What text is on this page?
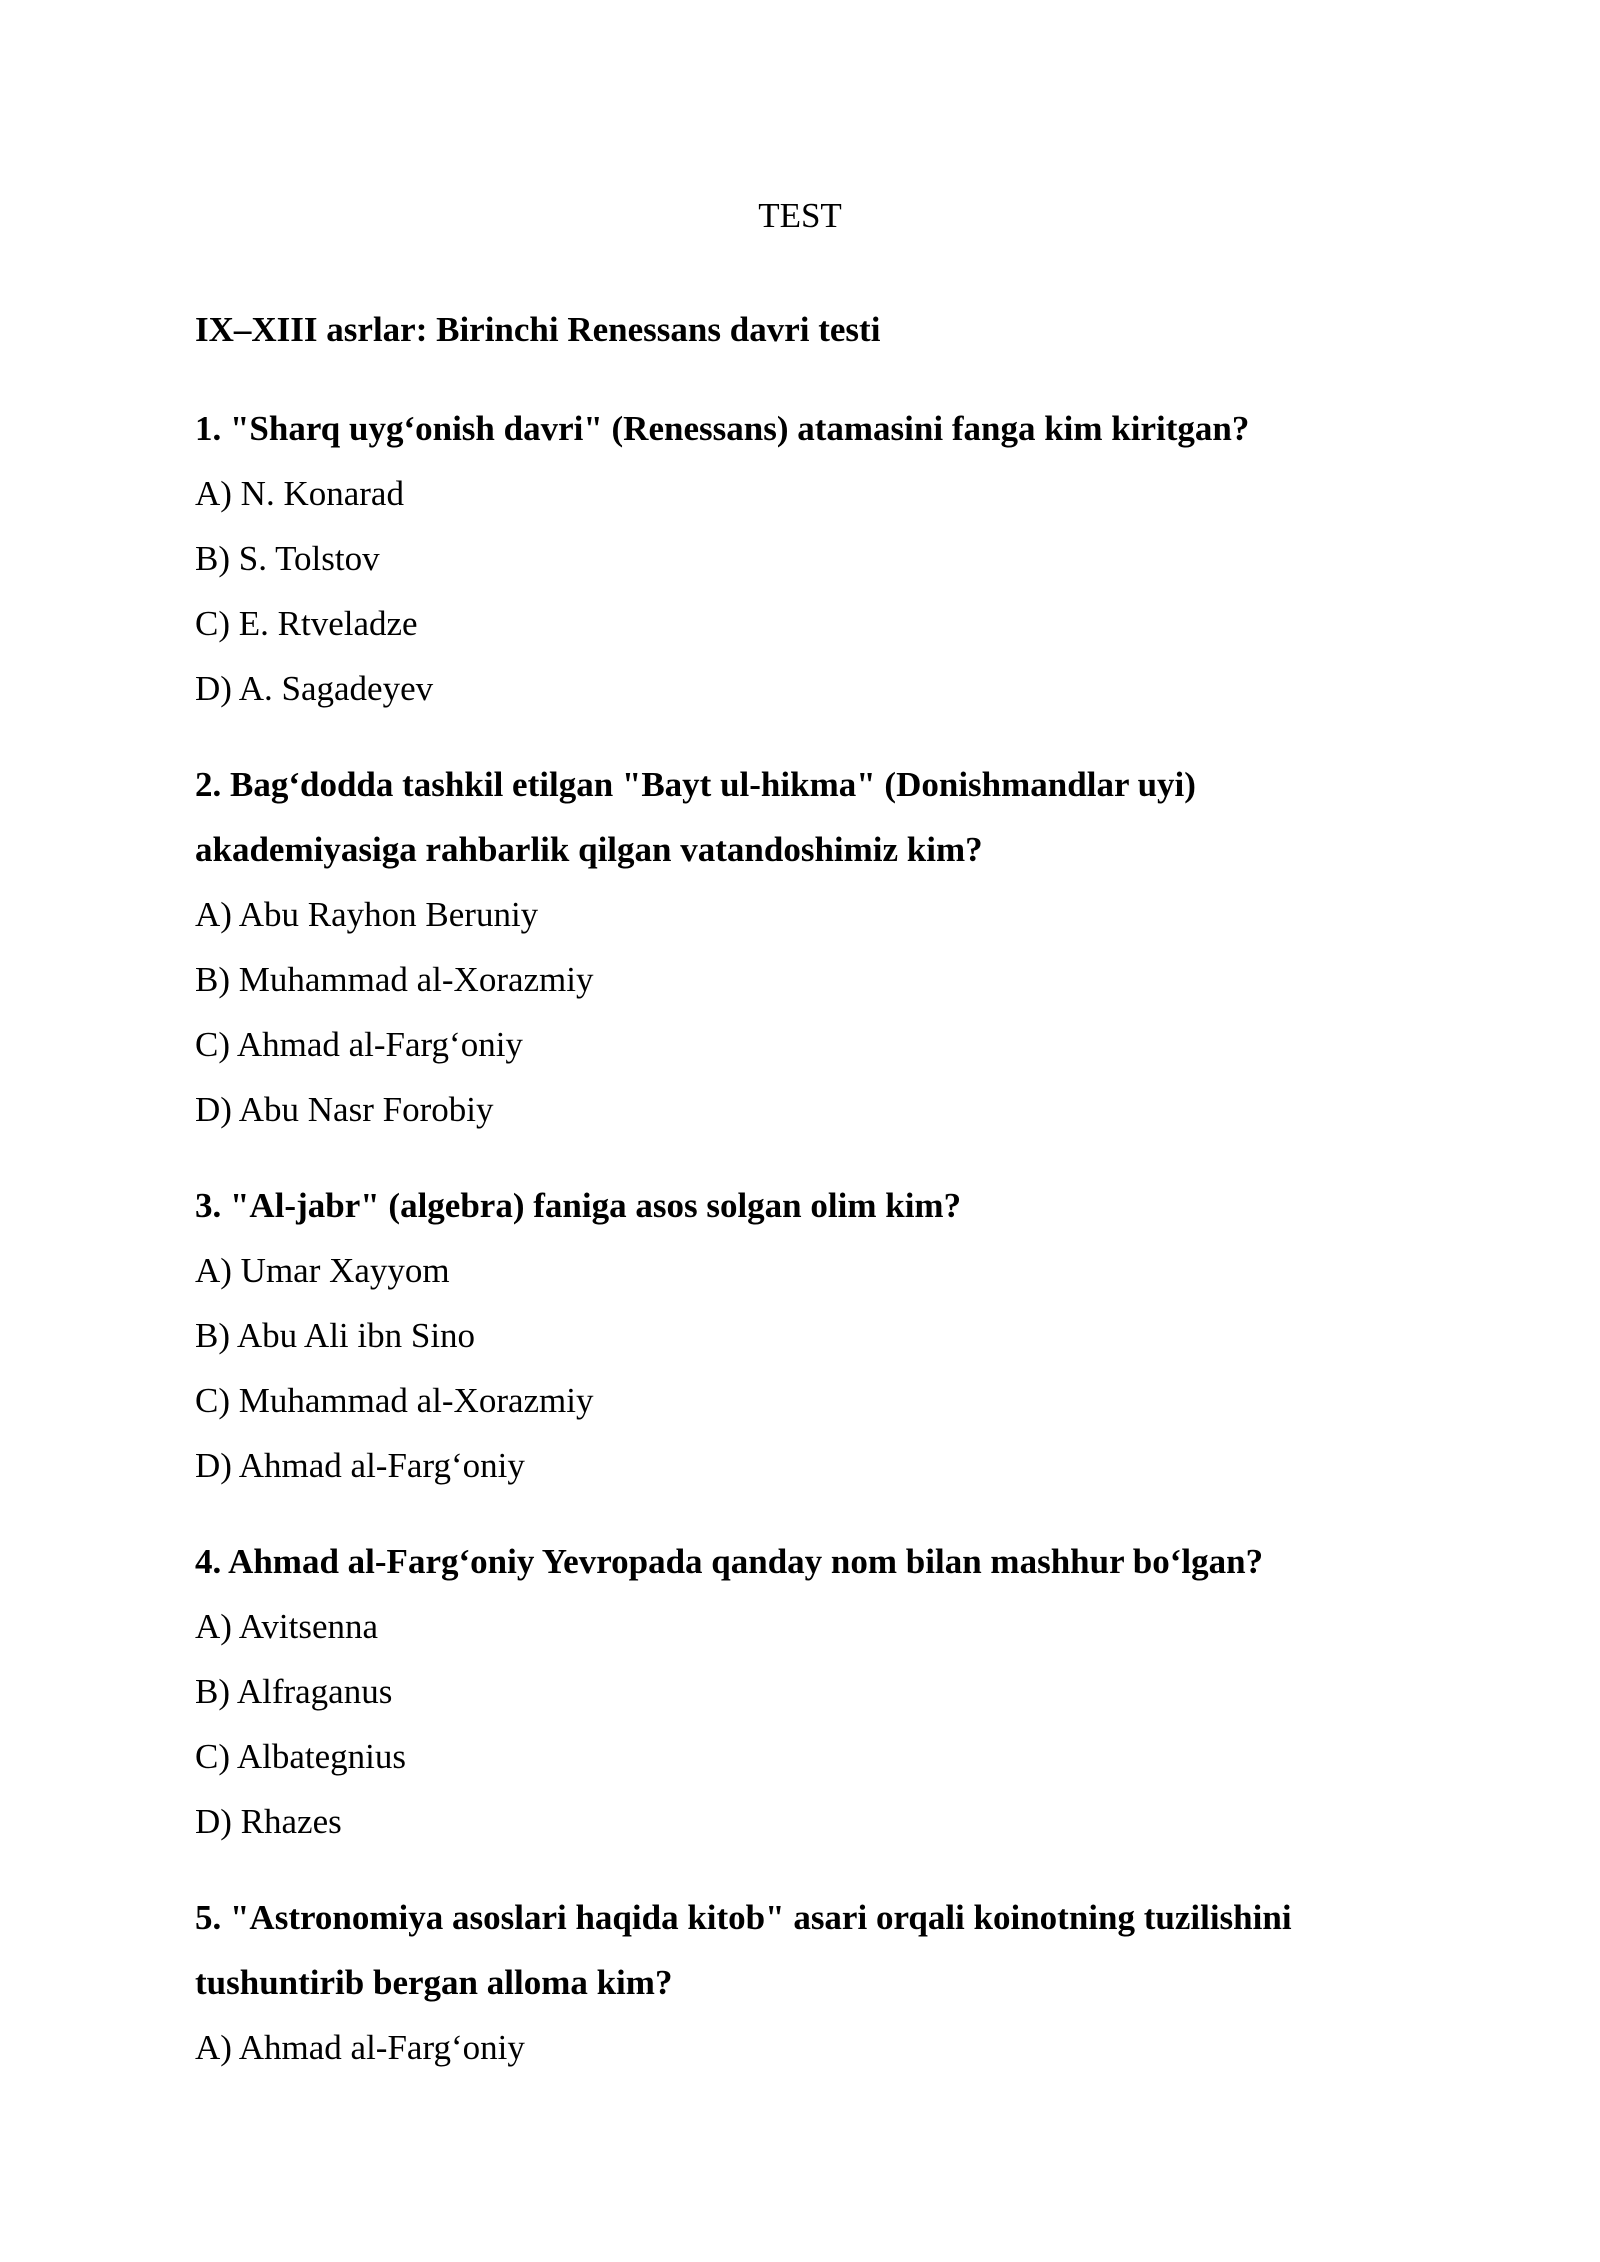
TEST
IX–XIII asrlar: Birinchi Renessans davri testi

1. "Sharq uyg‘onish davri" (Renessans) atamasini fanga kim kiritgan?

A) N. Konarad

B) S. Tolstov

C) E. Rtveladze

D) A. Sagadeyev

2. Bag‘dodda tashkil etilgan "Bayt ul-hikma" (Donishmandlar uyi) akademiyasiga rahbarlik qilgan vatandoshimiz kim?

A) Abu Rayhon Beruniy

B) Muhammad al-Xorazmiy

C) Ahmad al-Farg‘oniy

D) Abu Nasr Forobiy

3. "Al-jabr" (algebra) faniga asos solgan olim kim?

A) Umar Xayyom

B) Abu Ali ibn Sino

C) Muhammad al-Xorazmiy

D) Ahmad al-Farg‘oniy

4. Ahmad al-Farg‘oniy Yevropada qanday nom bilan mashhur bo‘lgan?

A) Avitsenna

B) Alfraganus

C) Albategnius

D) Rhazes

5. "Astronomiya asoslari haqida kitob" asari orqali koinotning tuzilishini tushuntirib bergan alloma kim?

A) Ahmad al-Farg‘oniy
